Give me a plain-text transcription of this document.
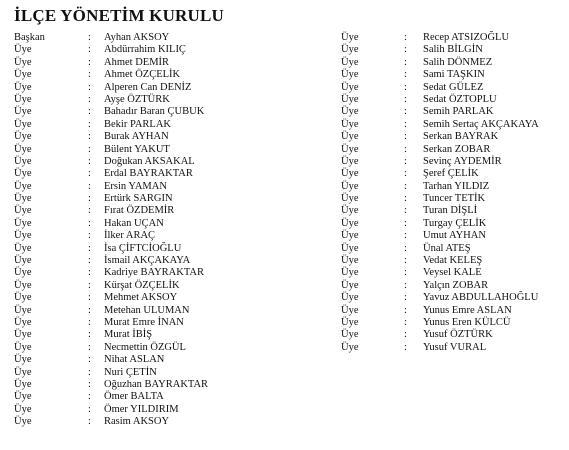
İLÇE YÖNETİM KURULU
Başkan	: Ayhan AKSOY
Üye	: Abdürrahim KILIÇ
Üye	: Ahmet DEMİR
Üye	: Ahmet ÖZÇELİK
Üye	: Alperen Can DENİZ
Üye	: Ayşe ÖZTÜRK
Üye	: Bahadır Baran ÇUBUK
Üye	: Bekir PARLAK
Üye	: Burak AYHAN
Üye	: Bülent YAKUT
Üye	: Doğukan AKSAKAL
Üye	: Erdal BAYRAKTAR
Üye	: Ersin YAMAN
Üye	: Ertürk SARGIN
Üye	: Fırat ÖZDEMİR
Üye	: Hakan UÇAN
Üye	: İlker ARAÇ
Üye	: İsa ÇİFTCİOĞLU
Üye	: İsmail AKÇAKAYA
Üye	: Kadriye BAYRAKTAR
Üye	: Kürşat ÖZÇELİK
Üye	: Mehmet AKSOY
Üye	: Metehan ULUMAN
Üye	: Murat Emre İNAN
Üye	: Murat İBİŞ
Üye	: Necmettin ÖZGÜL
Üye	: Nihat ASLAN
Üye	: Nuri ÇETİN
Üye	: Oğuzhan BAYRAKTAR
Üye	: Ömer BALTA
Üye	: Ömer YILDIRIM
Üye	: Rasim AKSOY
Üye	: Recep ATSIZOĞLU
Üye	: Salih BİLGİN
Üye	: Salih DÖNMEZ
Üye	: Sami TAŞKIN
Üye	: Sedat GÜLEZ
Üye	: Sedat ÖZTOPLU
Üye	: Semih PARLAK
Üye	: Semih Sertaç AKÇAKAYA
Üye	: Serkan BAYRAK
Üye	: Serkan ZOBAR
Üye	: Sevinç AYDEMİR
Üye	: Şeref ÇELİK
Üye	: Tarhan YILDIZ
Üye	: Tuncer TETİK
Üye	: Turan DİŞLİ
Üye	: Turgay ÇELİK
Üye	: Umut AYHAN
Üye	: Ünal ATEŞ
Üye	: Vedat KELEŞ
Üye	: Veysel KALE
Üye	: Yalçın ZOBAR
Üye	: Yavuz ABDULLAHOĞLU
Üye	: Yunus Emre ASLAN
Üye	: Yunus Eren KÜLCÜ
Üye	: Yusuf ÖZTÜRK
Üye	: Yusuf VURAL
